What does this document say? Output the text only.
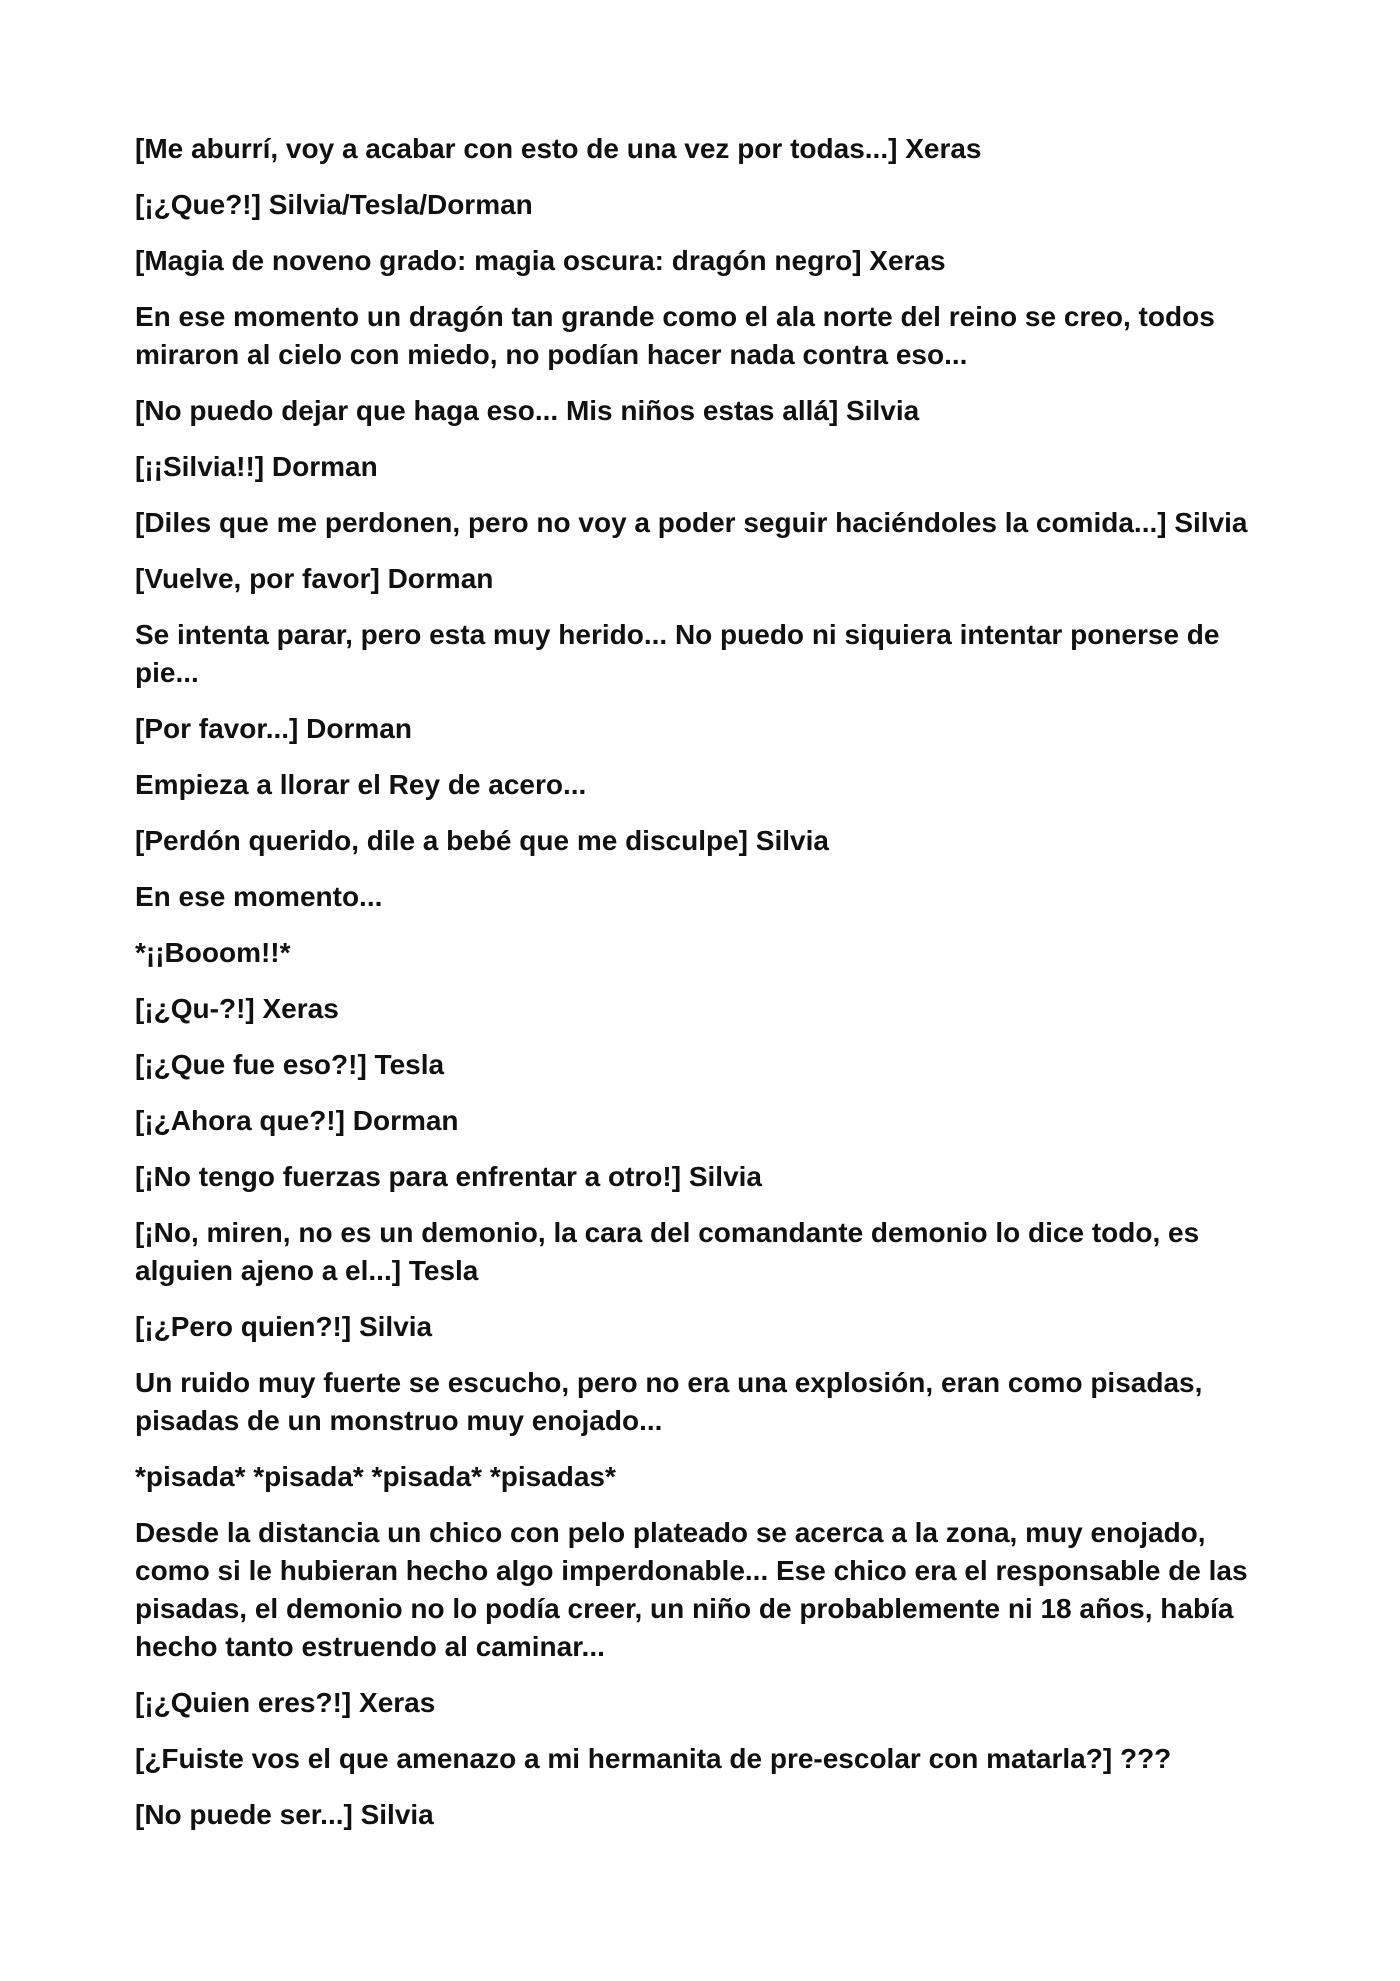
[Me aburrí, voy a acabar con esto de una vez por todas...] Xeras

[¡¿Que?!] Silvia/Tesla/Dorman

[Magia de noveno grado: magia oscura: dragón negro] Xeras

En ese momento un dragón tan grande como el ala norte del reino se creo, todos miraron al cielo con miedo, no podían hacer nada contra eso...

[No puedo dejar que haga eso... Mis niños estas allá] Silvia

[¡¡Silvia!!] Dorman

[Diles que me perdonen, pero no voy a poder seguir haciéndoles la comida...] Silvia

[Vuelve, por favor] Dorman

Se intenta parar, pero esta muy herido... No puedo ni siquiera intentar ponerse de pie...

[Por favor...] Dorman

Empieza a llorar el Rey de acero...

[Perdón querido, dile a bebé que me disculpe] Silvia

En ese momento...

*¡¡Booom!!*

[¡¿Qu-?!] Xeras

[¡¿Que fue eso?!] Tesla

[¡¿Ahora que?!] Dorman

[¡No tengo fuerzas para enfrentar a otro!] Silvia

[¡No, miren, no es un demonio, la cara del comandante demonio lo dice todo, es alguien ajeno a el...] Tesla

[¡¿Pero quien?!] Silvia

Un ruido muy fuerte se escucho, pero no era una explosión, eran como pisadas, pisadas de un monstruo muy enojado...

*pisada* *pisada* *pisada* *pisadas*

Desde la distancia un chico con pelo plateado se acerca a la zona, muy enojado, como si le hubieran hecho algo imperdonable... Ese chico era el responsable de las pisadas, el demonio no lo podía creer, un niño de probablemente ni 18 años, había hecho tanto estruendo al caminar...

[¡¿Quien eres?!] Xeras

[¿Fuiste vos el que amenazo a mi hermanita de pre-escolar con matarla?] ???

[No puede ser...] Silvia
